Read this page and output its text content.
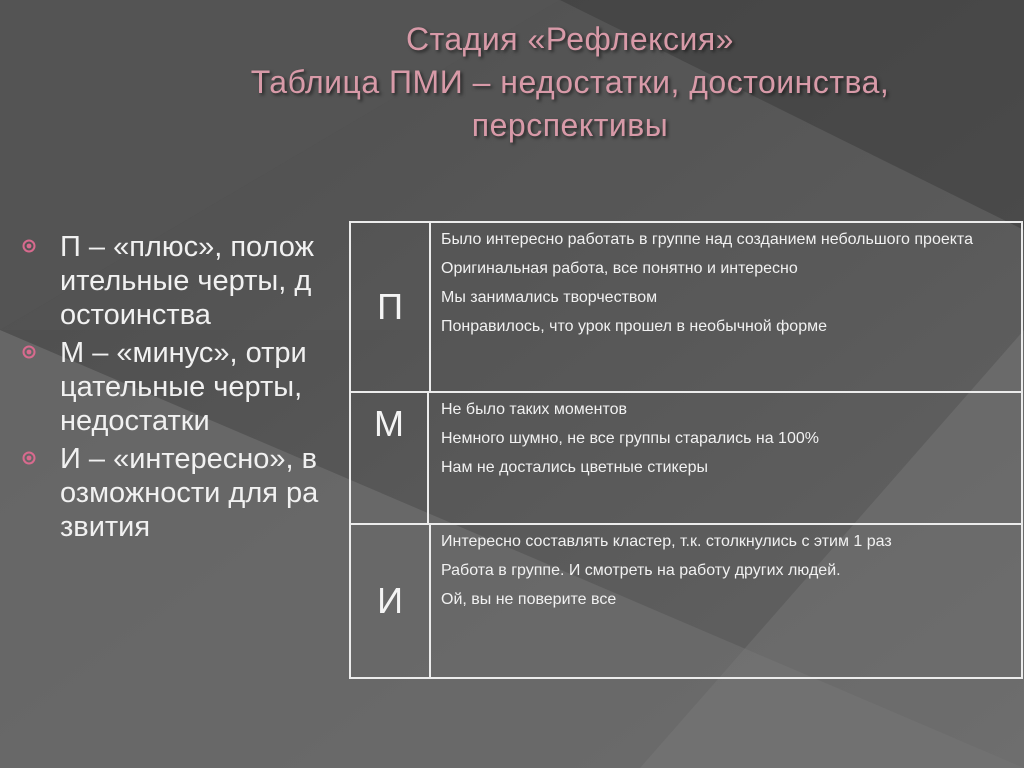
Стадия «Рефлексия»
Таблица ПМИ – недостатки, достоинства,
перспективы
П – «плюс», положительные черты, достоинства
М – «минус», отрицательные черты, недостатки
И – «интересно», возможности для развития
П
Было интересно работать в группе над созданием небольшого проекта
Оригинальная работа, все понятно и интересно
Мы занимались творчеством
Понравилось, что урок прошел в необычной форме
М	Не было таких моментов
Немного шумно, не все группы старались на 100%
Нам не достались цветные стикеры
И
Интересно составлять кластер, т.к. столкнулись с этим 1 раз
Работа в группе. И смотреть на работу других людей.
Ой, вы не поверите все
